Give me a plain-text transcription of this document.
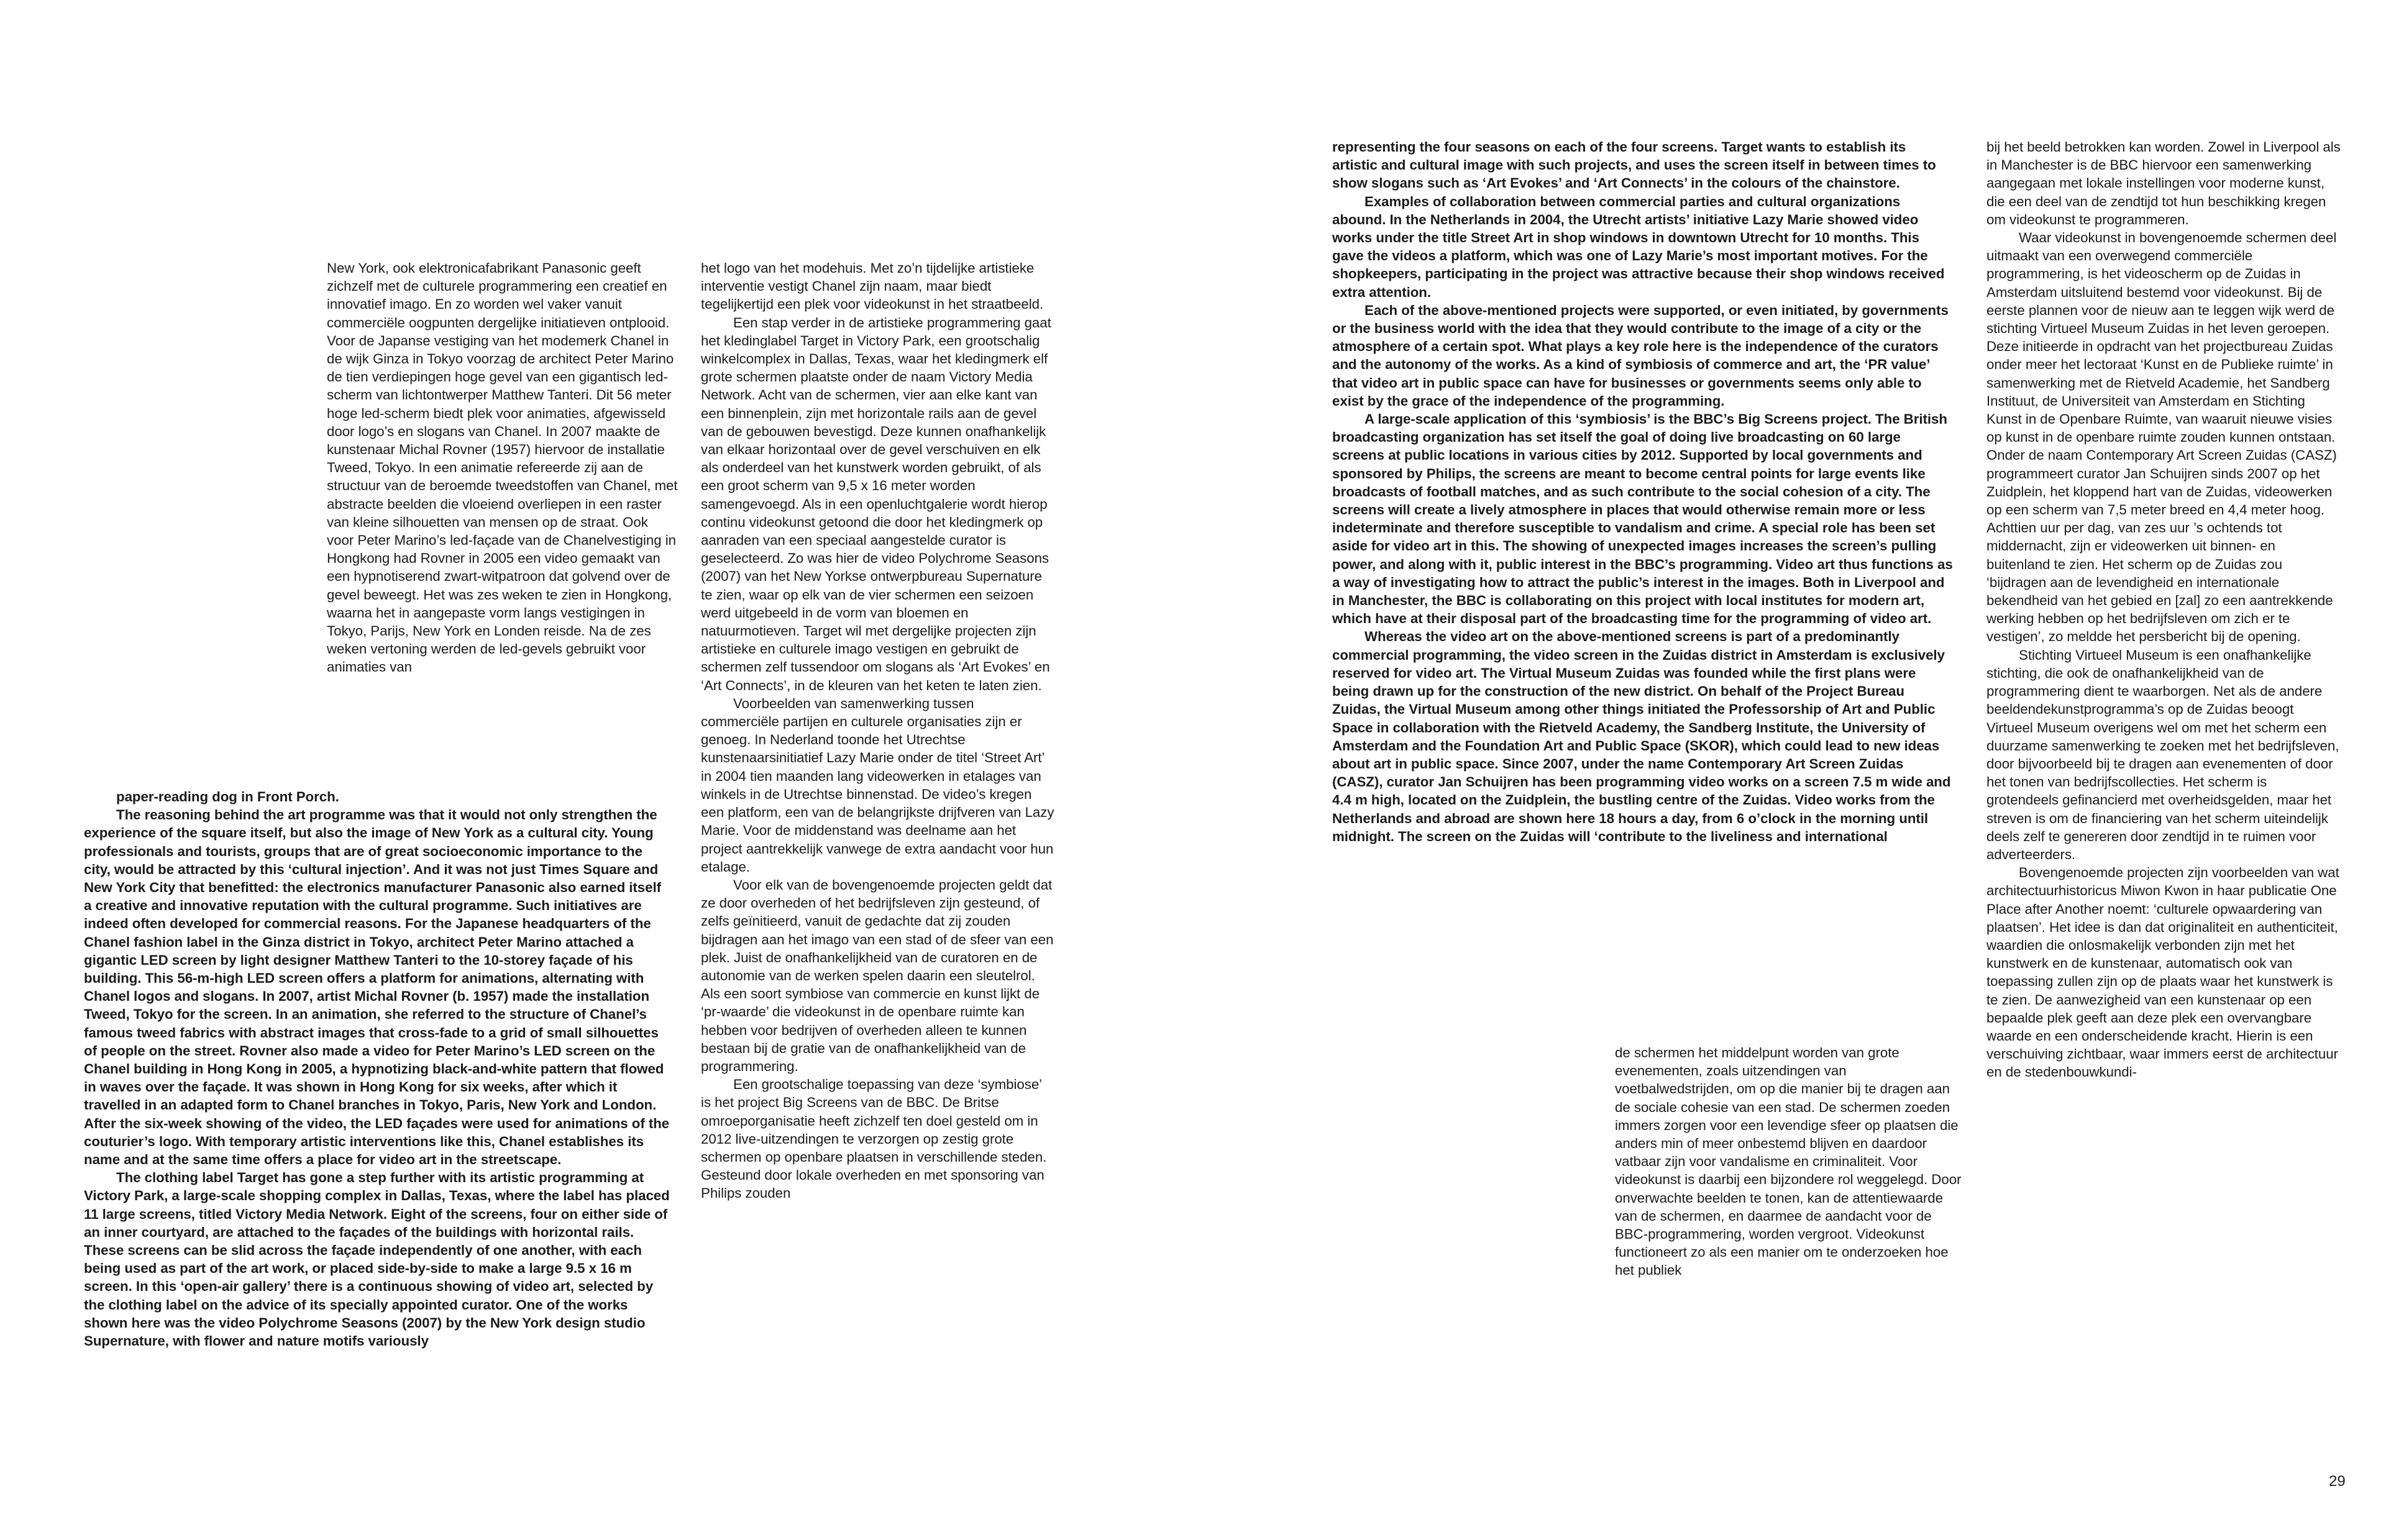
New York, ook elektronicafabrikant Panasonic geeft zichzelf met de culturele programmering een creatief en innovatief imago. En zo worden wel vaker vanuit commerciële oogpunten dergelijke initiatieven ontplooid. Voor de Japanse vestiging van het modemerk Chanel in de wijk Ginza in Tokyo voorzag de architect Peter Marino de tien verdiepingen hoge gevel van een gigantisch led-scherm van lichtontwerper Matthew Tanteri. Dit 56 meter hoge led-scherm biedt plek voor animaties, afgewisseld door logo’s en slogans van Chanel. In 2007 maakte de kunstenaar Michal Rovner (1957) hiervoor de installatie Tweed, Tokyo. In een animatie refereerde zij aan de structuur van de beroemde tweedstoffen van Chanel, met abstracte beelden die vloeiend overliepen in een raster van kleine silhouetten van mensen op de straat. Ook voor Peter Marino’s led-façade van de Chanelvestiging in Hongkong had Rovner in 2005 een video gemaakt van een hypnotiserend zwart-witpatroon dat golvend over de gevel beweegt. Het was zes weken te zien in Hongkong, waarna het in aangepaste vorm langs vestigingen in Tokyo, Parijs, New York en Londen reisde. Na de zes weken vertoning werden de led-gevels gebruikt voor animaties van

het logo van het modehuis. Met zo’n tijdelijke artistieke interventie vestigt Chanel zijn naam, maar biedt tegelijkertijd een plek voor videokunst in het straatbeeld.

Een stap verder in de artistieke programmering gaat het kledinglabel Target in Victory Park, een grootschalig winkelcomplex in Dallas, Texas, waar het kledingmerk elf grote schermen plaatste onder de naam Victory Media Network. Acht van de schermen, vier aan elke kant van een binnenplein, zijn met horizontale rails aan de gevel van de gebouwen bevestigd. Deze kunnen onafhankelijk van elkaar horizontaal over de gevel verschuiven en elk als onderdeel van het kunstwerk worden gebruikt, of als een groot scherm van 9,5 x 16 meter worden samengevoegd. Als in een openluchtgalerie wordt hierop continu videokunst getoond die door het kledingmerk op aanraden van een speciaal aangestelde curator is geselecteerd. Zo was hier de video Polychrome Seasons (2007) van het New Yorkse ontwerpbureau Supernature te zien, waar op elk van de vier schermen een seizoen werd uitgebeeld in de vorm van bloemen en natuurmotieven. Target wil met dergelijke projecten zijn artistieke en culturele imago vestigen en gebruikt de schermen zelf tussendoor om slogans als ‘Art Evokes’ en ‘Art Connects’, in de kleuren van het keten te laten zien.

Voorbeelden van samenwerking tussen commerciële partijen en culturele organisaties zijn er genoeg. In Nederland toonde het Utrechtse kunstenaarsinitiatief Lazy Marie onder de titel ‘Street Art’ in 2004 tien maanden lang videowerken in etalages van winkels in de Utrechtse binnenstad. De video’s kregen een platform, een van de belangrijkste drijfveren van Lazy Marie. Voor de middenstand was deelname aan het project aantrekkelijk vanwege de extra aandacht voor hun etalage.

Voor elk van de bovengenoemde projecten geldt dat ze door overheden of het bedrijfsleven zijn gesteund, of zelfs geïnitieerd, vanuit de gedachte dat zij zouden bijdragen aan het imago van een stad of de sfeer van een plek. Juist de onafhankelijkheid van de curatoren en de autonomie van de werken spelen daarin een sleutelrol. Als een soort symbiose van commercie en kunst lijkt de ‘pr-waarde’ die videokunst in de openbare ruimte kan hebben voor bedrijven of overheden alleen te kunnen bestaan bij de gratie van de onafhankelijkheid van de programmering.

Een grootschalige toepassing van deze ‘symbiose’ is het project Big Screens van de BBC. De Britse omroeporganisatie heeft zichzelf ten doel gesteld om in 2012 live-uitzendingen te verzorgen op zestig grote schermen op openbare plaatsen in verschillende steden. Gesteund door lokale overheden en met sponsoring van Philips zouden

paper-reading dog in Front Porch.

The reasoning behind the art programme was that it would not only strengthen the experience of the square itself, but also the image of New York as a cultural city. Young professionals and tourists, groups that are of great socioeconomic importance to the city, would be attracted by this ‘cultural injection’. And it was not just Times Square and New York City that benefitted: the electronics manufacturer Panasonic also earned itself a creative and innovative reputation with the cultural programme. Such initiatives are indeed often developed for commercial reasons. For the Japanese headquarters of the Chanel fashion label in the Ginza district in Tokyo, architect Peter Marino attached a gigantic LED screen by light designer Matthew Tanteri to the 10-storey façade of his building. This 56-m-high LED screen offers a platform for animations, alternating with Chanel logos and slogans. In 2007, artist Michal Rovner (b. 1957) made the installation Tweed, Tokyo for the screen. In an animation, she referred to the structure of Chanel’s famous tweed fabrics with abstract images that cross-fade to a grid of small silhouettes of people on the street. Rovner also made a video for Peter Marino’s LED screen on the Chanel building in Hong Kong in 2005, a hypnotizing black-and-white pattern that flowed in waves over the façade. It was shown in Hong Kong for six weeks, after which it travelled in an adapted form to Chanel branches in Tokyo, Paris, New York and London. After the six-week showing of the video, the LED façades were used for animations of the couturier’s logo. With temporary artistic interventions like this, Chanel establishes its name and at the same time offers a place for video art in the streetscape.

The clothing label Target has gone a step further with its artistic programming at Victory Park, a large-scale shopping complex in Dallas, Texas, where the label has placed 11 large screens, titled Victory Media Network. Eight of the screens, four on either side of an inner courtyard, are attached to the façades of the buildings with horizontal rails. These screens can be slid across the façade independently of one another, with each being used as part of the art work, or placed side-by-side to make a large 9.5 x 16 m screen. In this ‘open-air gallery’ there is a continuous showing of video art, selected by the clothing label on the advice of its specially appointed curator. One of the works shown here was the video Polychrome Seasons (2007) by the New York design studio Supernature, with flower and nature motifs variously

representing the four seasons on each of the four screens. Target wants to establish its artistic and cultural image with such projects, and uses the screen itself in between times to show slogans such as ‘Art Evokes’ and ‘Art Connects’ in the colours of the chainstore.

Examples of collaboration between commercial parties and cultural organizations abound. In the Netherlands in 2004, the Utrecht artists’ initiative Lazy Marie showed video works under the title Street Art in shop windows in downtown Utrecht for 10 months. This gave the videos a platform, which was one of Lazy Marie’s most important motives. For the shopkeepers, participating in the project was attractive because their shop windows received extra attention.

Each of the above-mentioned projects were supported, or even initiated, by governments or the business world with the idea that they would contribute to the image of a city or the atmosphere of a certain spot. What plays a key role here is the independence of the curators and the autonomy of the works. As a kind of symbiosis of commerce and art, the ‘PR value’ that video art in public space can have for businesses or governments seems only able to exist by the grace of the independence of the programming.

A large-scale application of this ‘symbiosis’ is the BBC’s Big Screens project. The British broadcasting organization has set itself the goal of doing live broadcasting on 60 large screens at public locations in various cities by 2012. Supported by local governments and sponsored by Philips, the screens are meant to become central points for large events like broadcasts of football matches, and as such contribute to the social cohesion of a city. The screens will create a lively atmosphere in places that would otherwise remain more or less indeterminate and therefore susceptible to vandalism and crime. A special role has been set aside for video art in this. The showing of unexpected images increases the screen’s pulling power, and along with it, public interest in the BBC’s programming. Video art thus functions as a way of investigating how to attract the public’s interest in the images. Both in Liverpool and in Manchester, the BBC is collaborating on this project with local institutes for modern art, which have at their disposal part of the broadcasting time for the programming of video art.

Whereas the video art on the above-mentioned screens is part of a predominantly commercial programming, the video screen in the Zuidas district in Amsterdam is exclusively reserved for video art. The Virtual Museum Zuidas was founded while the first plans were being drawn up for the construction of the new district. On behalf of the Project Bureau Zuidas, the Virtual Museum among other things initiated the Professorship of Art and Public Space in collaboration with the Rietveld Academy, the Sandberg Institute, the University of Amsterdam and the Foundation Art and Public Space (SKOR), which could lead to new ideas about art in public space. Since 2007, under the name Contemporary Art Screen Zuidas (CASZ), curator Jan Schuijren has been programming video works on a screen 7.5 m wide and 4.4 m high, located on the Zuidplein, the bustling centre of the Zuidas. Video works from the Netherlands and abroad are shown here 18 hours a day, from 6 o’clock in the morning until midnight. The screen on the Zuidas will ‘contribute to the liveliness and international

de schermen het middelpunt worden van grote evenementen, zoals uitzendingen van voetbalwedstrijden, om op die manier bij te dragen aan de sociale cohesie van een stad. De schermen zoeden immers zorgen voor een levendige sfeer op plaatsen die anders min of meer onbestemd blijven en daardoor vatbaar zijn voor vandalisme en criminaliteit. Voor videokunst is daarbij een bijzondere rol weggelegd. Door onverwachte beelden te tonen, kan de attentiewaarde van de schermen, en daarmee de aandacht voor de BBC-programmering, worden vergroot. Videokunst functioneert zo als een manier om te onderzoeken hoe het publiek

bij het beeld betrokken kan worden. Zowel in Liverpool als in Manchester is de BBC hiervoor een samenwerking aangegaan met lokale instellingen voor moderne kunst, die een deel van de zendtijd tot hun beschikking kregen om videokunst te programmeren.

Waar videokunst in bovengenoemde schermen deel uitmaakt van een overwegend commerciële programmering, is het videoscherm op de Zuidas in Amsterdam uitsluitend bestemd voor videokunst. Bij de eerste plannen voor de nieuw aan te leggen wijk werd de stichting Virtueel Museum Zuidas in het leven geroepen. Deze initieerde in opdracht van het projectbureau Zuidas onder meer het lectoraat ‘Kunst en de Publieke ruimte’ in samenwerking met de Rietveld Academie, het Sandberg Instituut, de Universiteit van Amsterdam en Stichting Kunst in de Openbare Ruimte, van waaruit nieuwe visies op kunst in de openbare ruimte zouden kunnen ontstaan. Onder de naam Contemporary Art Screen Zuidas (CASZ) programmeert curator Jan Schuijren sinds 2007 op het Zuidplein, het kloppend hart van de Zuidas, videowerken op een scherm van 7,5 meter breed en 4,4 meter hoog. Achttien uur per dag, van zes uur ’s ochtends tot middernacht, zijn er videowerken uit binnen- en buitenland te zien. Het scherm op de Zuidas zou ‘bijdragen aan de levendigheid en internationale bekendheid van het gebied en [zal] zo een aantrekkende werking hebben op het bedrijfsleven om zich er te vestigen’, zo meldde het persbericht bij de opening.

Stichting Virtueel Museum is een onafhankelijke stichting, die ook de onafhankelijkheid van de programmering dient te waarborgen. Net als de andere beeldendekunstprogramma’s op de Zuidas beoogt Virtueel Museum overigens wel om met het scherm een duurzame samenwerking te zoeken met het bedrijfsleven, door bijvoorbeeld bij te dragen aan evenementen of door het tonen van bedrijfscollecties. Het scherm is grotendeels gefinancierd met overheidsgelden, maar het streven is om de financiering van het scherm uiteindelijk deels zelf te genereren door zendtijd in te ruimen voor adverteerders.

Bovengenoemde projecten zijn voorbeelden van wat architectuurhistoricus Miwon Kwon in haar publicatie One Place after Another noemt: ‘culturele opwaardering van plaatsen’. Het idee is dan dat originaliteit en authenticiteit, waardien die onlosmakelijk verbonden zijn met het kunstwerk en de kunstenaar, automatisch ook van toepassing zullen zijn op de plaats waar het kunstwerk is te zien. De aanwezigheid van een kunstenaar op een bepaalde plek geeft aan deze plek een overvangbare waarde en een onderscheidende kracht. Hierin is een verschuiving zichtbaar, waar immers eerst de architectuur en de stedenbouwkundi-

29
